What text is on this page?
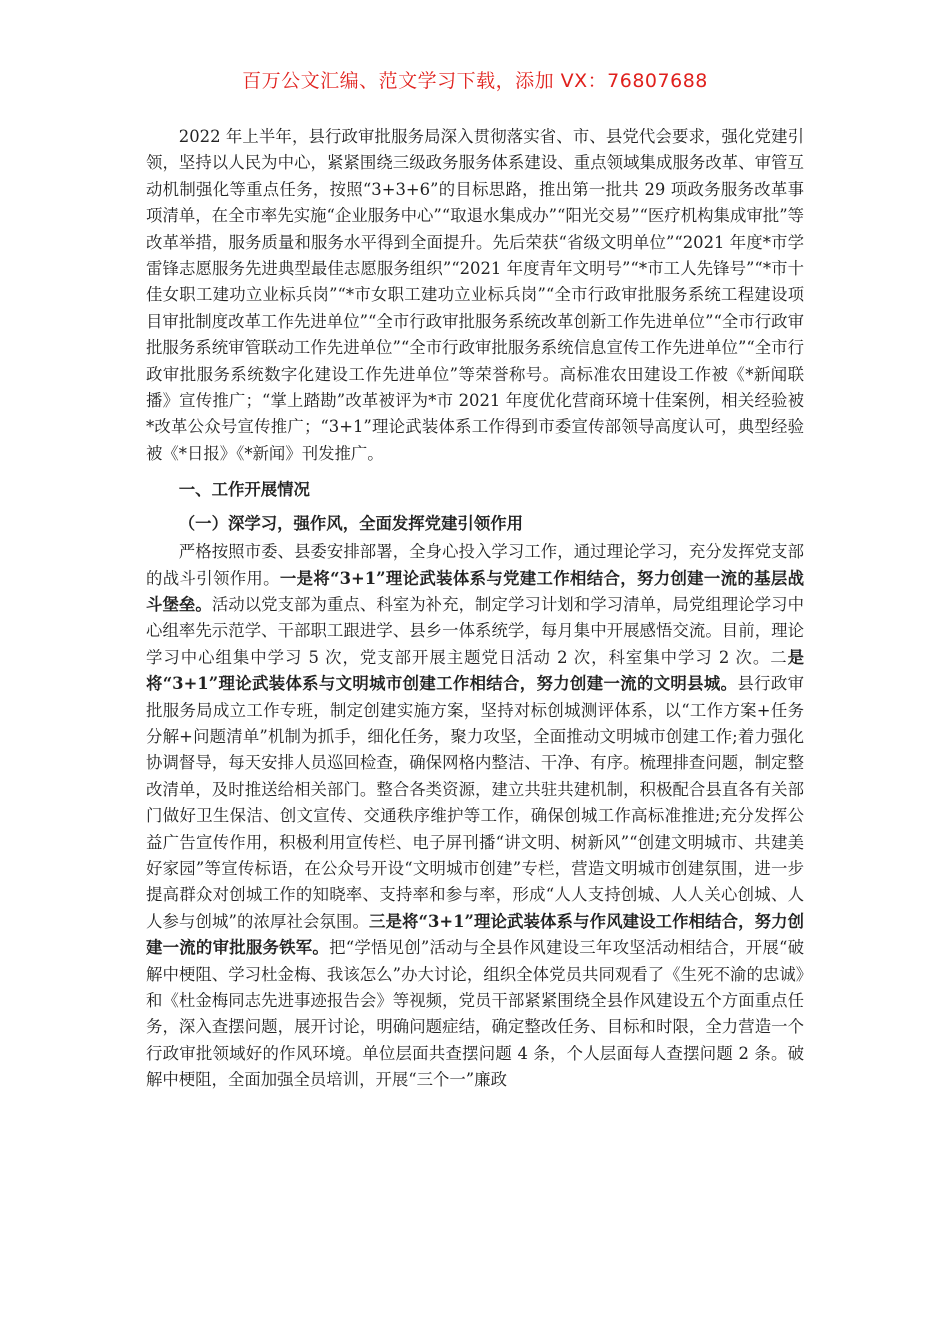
百万公文汇编、范文学习下载，添加 VX：76807688

2022 年上半年，县行政审批服务局深入贯彻落实省、市、县党代会要求，强化党建引领，坚持以人民为中心，紧紧围绕三级政务服务体系建设、重点领域集成服务改革、审管互动机制强化等重点任务，按照“3+3+6”的目标思路，推出第一批共 29 项政务服务改革事项清单，在全市率先实施“企业服务中心”“取退水集成办”“阳光交易”“医疗机构集成审批”等改革举措，服务质量和服务水平得到全面提升。先后荣获“省级文明单位”“2021 年度*市学雷锋志愿服务先进典型最佳志愿服务组织”“2021 年度青年文明号”“*市工人先锋号”“*市十佳女职工建功立业标兵岗”“*市女职工建功立业标兵岗”“全市行政审批服务系统工程建设项目审批制度改革工作先进单位”“全市行政审批服务系统改革创新工作先进单位”“全市行政审批服务系统审管联动工作先进单位”“全市行政审批服务系统信息宣传工作先进单位”“全市行政审批服务系统数字化建设工作先进单位”等荣誉称号。高标准农田建设工作被《*新闻联播》宣传推广；“掌上踏勘”改革被评为*市 2021 年度优化营商环境十佳案例，相关经验被*改革公众号宣传推广；“3+1”理论武装体系工作得到市委宣传部领导高度认可，典型经验被《*日报》《*新闻》刊发推广。

一、工作开展情况

（一）深学习，强作风，全面发挥党建引领作用

严格按照市委、县委安排部署，全身心投入学习工作，通过理论学习，充分发挥党支部的战斗引领作用。一是将“3+1”理论武装体系与党建工作相结合，努力创建一流的基层战斗堡垒。活动以党支部为重点、科室为补充，制定学习计划和学习清单，局党组理论学习中心组率先示范学、干部职工跟进学、县乡一体系统学，每月集中开展感悟交流。目前，理论学习中心组集中学习 5 次，党支部开展主题党日活动 2 次，科室集中学习 2 次。二是将“3+1”理论武装体系与文明城市创建工作相结合，努力创建一流的文明县城。县行政审批服务局成立工作专班，制定创建实施方案，坚持对标创城测评体系，以“工作方案+任务分解+问题清单”机制为抓手，细化任务，聚力攻坚，全面推动文明城市创建工作;着力强化协调督导，每天安排人员巡回检查，确保网格内整洁、干净、有序。梳理排查问题，制定整改清单，及时推送给相关部门。整合各类资源，建立共驻共建机制，积极配合县直各有关部门做好卫生保洁、创文宣传、交通秩序维护等工作，确保创城工作高标准推进;充分发挥公益广告宣传作用，积极利用宣传栏、电子屏刊播“讲文明、树新风”“创建文明城市、共建美好家园”等宣传标语，在公众号开设“文明城市创建”专栏，营造文明城市创建氛围，进一步提高群众对创城工作的知晓率、支持率和参与率，形成“人人支持创城、人人关心创城、人人参与创城”的浓厚社会氛围。三是将“3+1”理论武装体系与作风建设工作相结合，努力创建一流的审批服务铁军。把“学悟见创”活动与全县作风建设三年攻坚活动相结合，开展“破解中梗阻、学习杜金梅、我该怎么”办大讨论，组织全体党员共同观看了《生死不渝的忠诚》和《杜金梅同志先进事迹报告会》等视频，党员干部紧紧围绕全县作风建设五个方面重点任务，深入查摆问题，展开讨论，明确问题症结，确定整改任务、目标和时限，全力营造一个行政审批领域好的作风环境。单位层面共查摆问题 4 条，个人层面每人查摆问题 2 条。破解中梗阻，全面加强全员培训，开展“三个一”廉政
